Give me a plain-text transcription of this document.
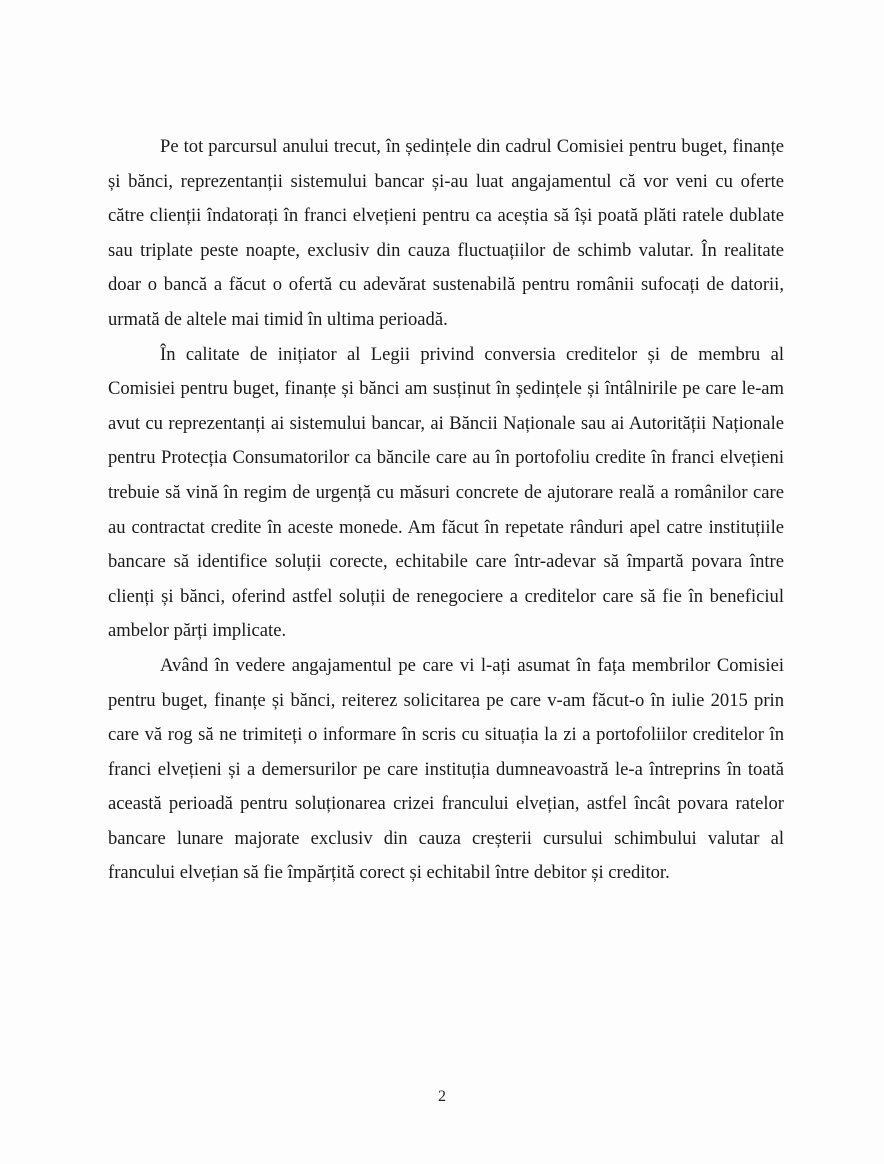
Pe tot parcursul anului trecut, în ședințele din cadrul Comisiei pentru buget, finanțe și bănci, reprezentanții sistemului bancar și-au luat angajamentul că vor veni cu oferte către clienții îndatorați în franci elvețieni pentru ca aceștia să își poată plăti ratele dublate sau triplate peste noapte, exclusiv din cauza fluctuațiilor de schimb valutar. În realitate doar o bancă a făcut o ofertă cu adevărat sustenabilă pentru românii sufocați de datorii, urmată de altele mai timid în ultima perioadă.

În calitate de inițiator al Legii privind conversia creditelor și de membru al Comisiei pentru buget, finanțe și bănci am susținut în ședințele și întâlnirile pe care le-am avut cu reprezentanți ai sistemului bancar, ai Băncii Naționale sau ai Autorității Naționale pentru Protecția Consumatorilor ca băncile care au în portofoliu credite în franci elvețieni trebuie să vină în regim de urgență cu măsuri concrete de ajutorare reală a românilor care au contractat credite în aceste monede. Am făcut în repetate rânduri apel catre instituțiile bancare să identifice soluții corecte, echitabile care într-adevar să împartă povara între clienți și bănci, oferind astfel soluții de renegociere a creditelor care să fie în beneficiul ambelor părți implicate.

Având în vedere angajamentul pe care vi l-ați asumat în fața membrilor Comisiei pentru buget, finanțe și bănci, reiterez solicitarea pe care v-am făcut-o în iulie 2015 prin care vă rog să ne trimiteți o informare în scris cu situația la zi a portofoliilor creditelor în franci elvețieni și a demersurilor pe care instituția dumneavoastră le-a întreprins în toată această perioadă pentru soluționarea crizei francului elvețian, astfel încât povara ratelor bancare lunare majorate exclusiv din cauza creșterii cursului schimbului valutar al francului elvețian să fie împărțită corect și echitabil între debitor și creditor.

2
